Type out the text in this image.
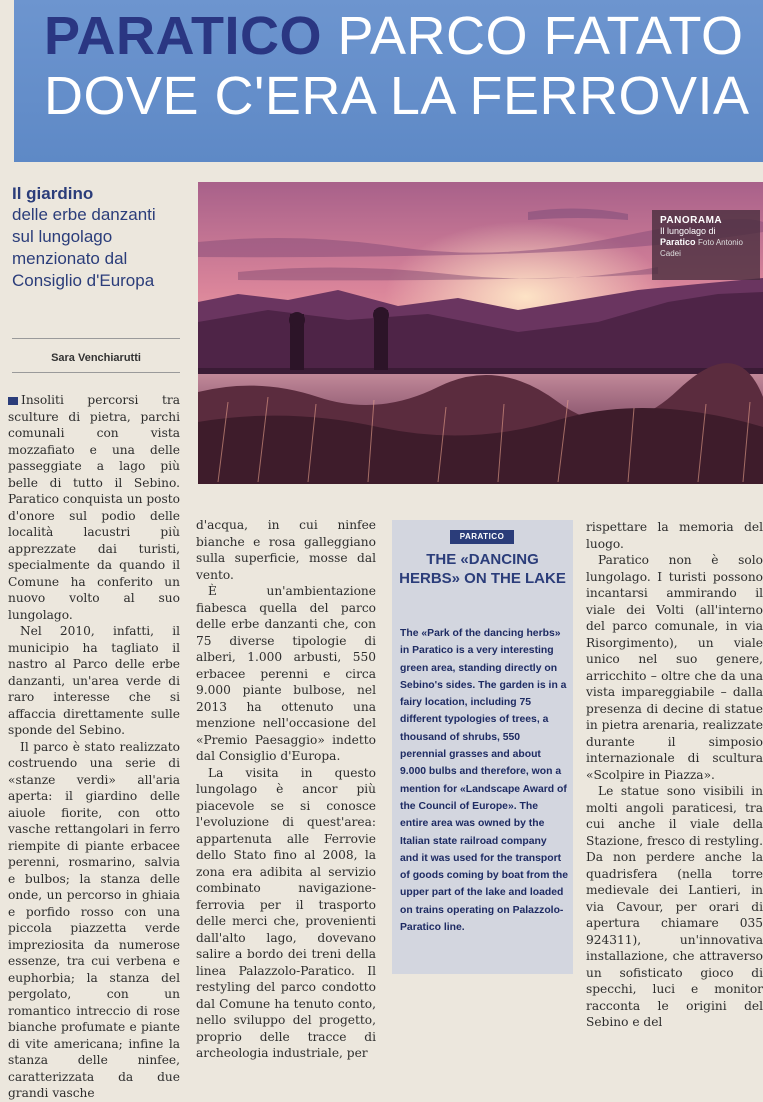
PARATICO PARCO FATATO
DOVE C'ERA LA FERROVIA
Il giardino
delle erbe danzanti sul lungolago menzionato dal Consiglio d'Europa
Sara Venchiarutti
PANORAMA
Il lungolago di
Paratico Foto Antonio Cadei

Insoliti percorsi tra sculture di pietra, parchi comunali con vista mozzafiato e una delle passeggiate a lago più belle di tutto il Sebino. Paratico conquista un posto d'onore sul podio delle località lacustri più apprezzate dai turisti, specialmente da quando il Comune ha conferito un nuovo volto al suo lungolago.

Nel 2010, infatti, il municipio ha tagliato il nastro al Parco delle erbe danzanti, un'area verde di raro interesse che si affaccia direttamente sulle sponde del Sebino.

Il parco è stato realizzato costruendo una serie di «stanze verdi» all'aria aperta: il giardino delle aiuole fiorite, con otto vasche rettangolari in ferro riempite di piante erbacee perenni, rosmarino, salvia e bulbos; la stanza delle onde, un percorso in ghiaia e porfido rosso con una piccola piazzetta verde impreziosita da numerose essenze, tra cui verbena e euphorbia; la stanza del pergolato, con un romantico intreccio di rose bianche profumate e piante di vite americana; infine la stanza delle ninfee, caratterizzata da due grandi vasche

d'acqua, in cui ninfee bianche e rosa galleggiano sulla superficie, mosse dal vento.

È un'ambientazione fiabesca quella del parco delle erbe danzanti che, con 75 diverse tipologie di alberi, 1.000 arbusti, 550 erbacee perenni e circa 9.000 piante bulbose, nel 2013 ha ottenuto una menzione nell'occasione del «Premio Paesaggio» indetto dal Consiglio d'Europa.

La visita in questo lungolago è ancor più piacevole se si conosce l'evoluzione di quest'area: appartenuta alle Ferrovie dello Stato fino al 2008, la zona era adibita al servizio combinato navigazione-ferrovia per il trasporto delle merci che, provenienti dall'alto lago, dovevano salire a bordo dei treni della linea Palazzolo-Paratico. Il restyling del parco condotto dal Comune ha tenuto conto, nello sviluppo del progetto, proprio delle tracce di archeologia industriale, per

PARATICO
THE «DANCING HERBS» ON THE LAKE
The «Park of the dancing herbs» in Paratico is a very interesting green area, standing directly on Sebino's sides. The garden is in a fairy location, including 75 different typologies of trees, a thousand of shrubs, 550 perennial grasses and about 9.000 bulbs and therefore, won a mention for «Landscape Award of the Council of Europe». The entire area was owned by the Italian state railroad company and it was used for the transport of goods coming by boat from the upper part of the lake and loaded on trains operating on Palazzolo-Paratico line.

rispettare la memoria del luogo.

Paratico non è solo lungolago. I turisti possono incantarsi ammirando il viale dei Volti (all'interno del parco comunale, in via Risorgimento), un viale unico nel suo genere, arricchito – oltre che da una vista impareggiabile – dalla presenza di decine di statue in pietra arenaria, realizzate durante il simposio internazionale di scultura «Scolpire in Piazza».

Le statue sono visibili in molti angoli paraticesi, tra cui anche il viale della Stazione, fresco di restyling. Da non perdere anche la quadrisfera (nella torre medievale dei Lantieri, in via Cavour, per orari di apertura chiamare 035 924311), un'innovativa installazione, che attraverso un sofisticato gioco di specchi, luci e monitor racconta le origini del Sebino e del
